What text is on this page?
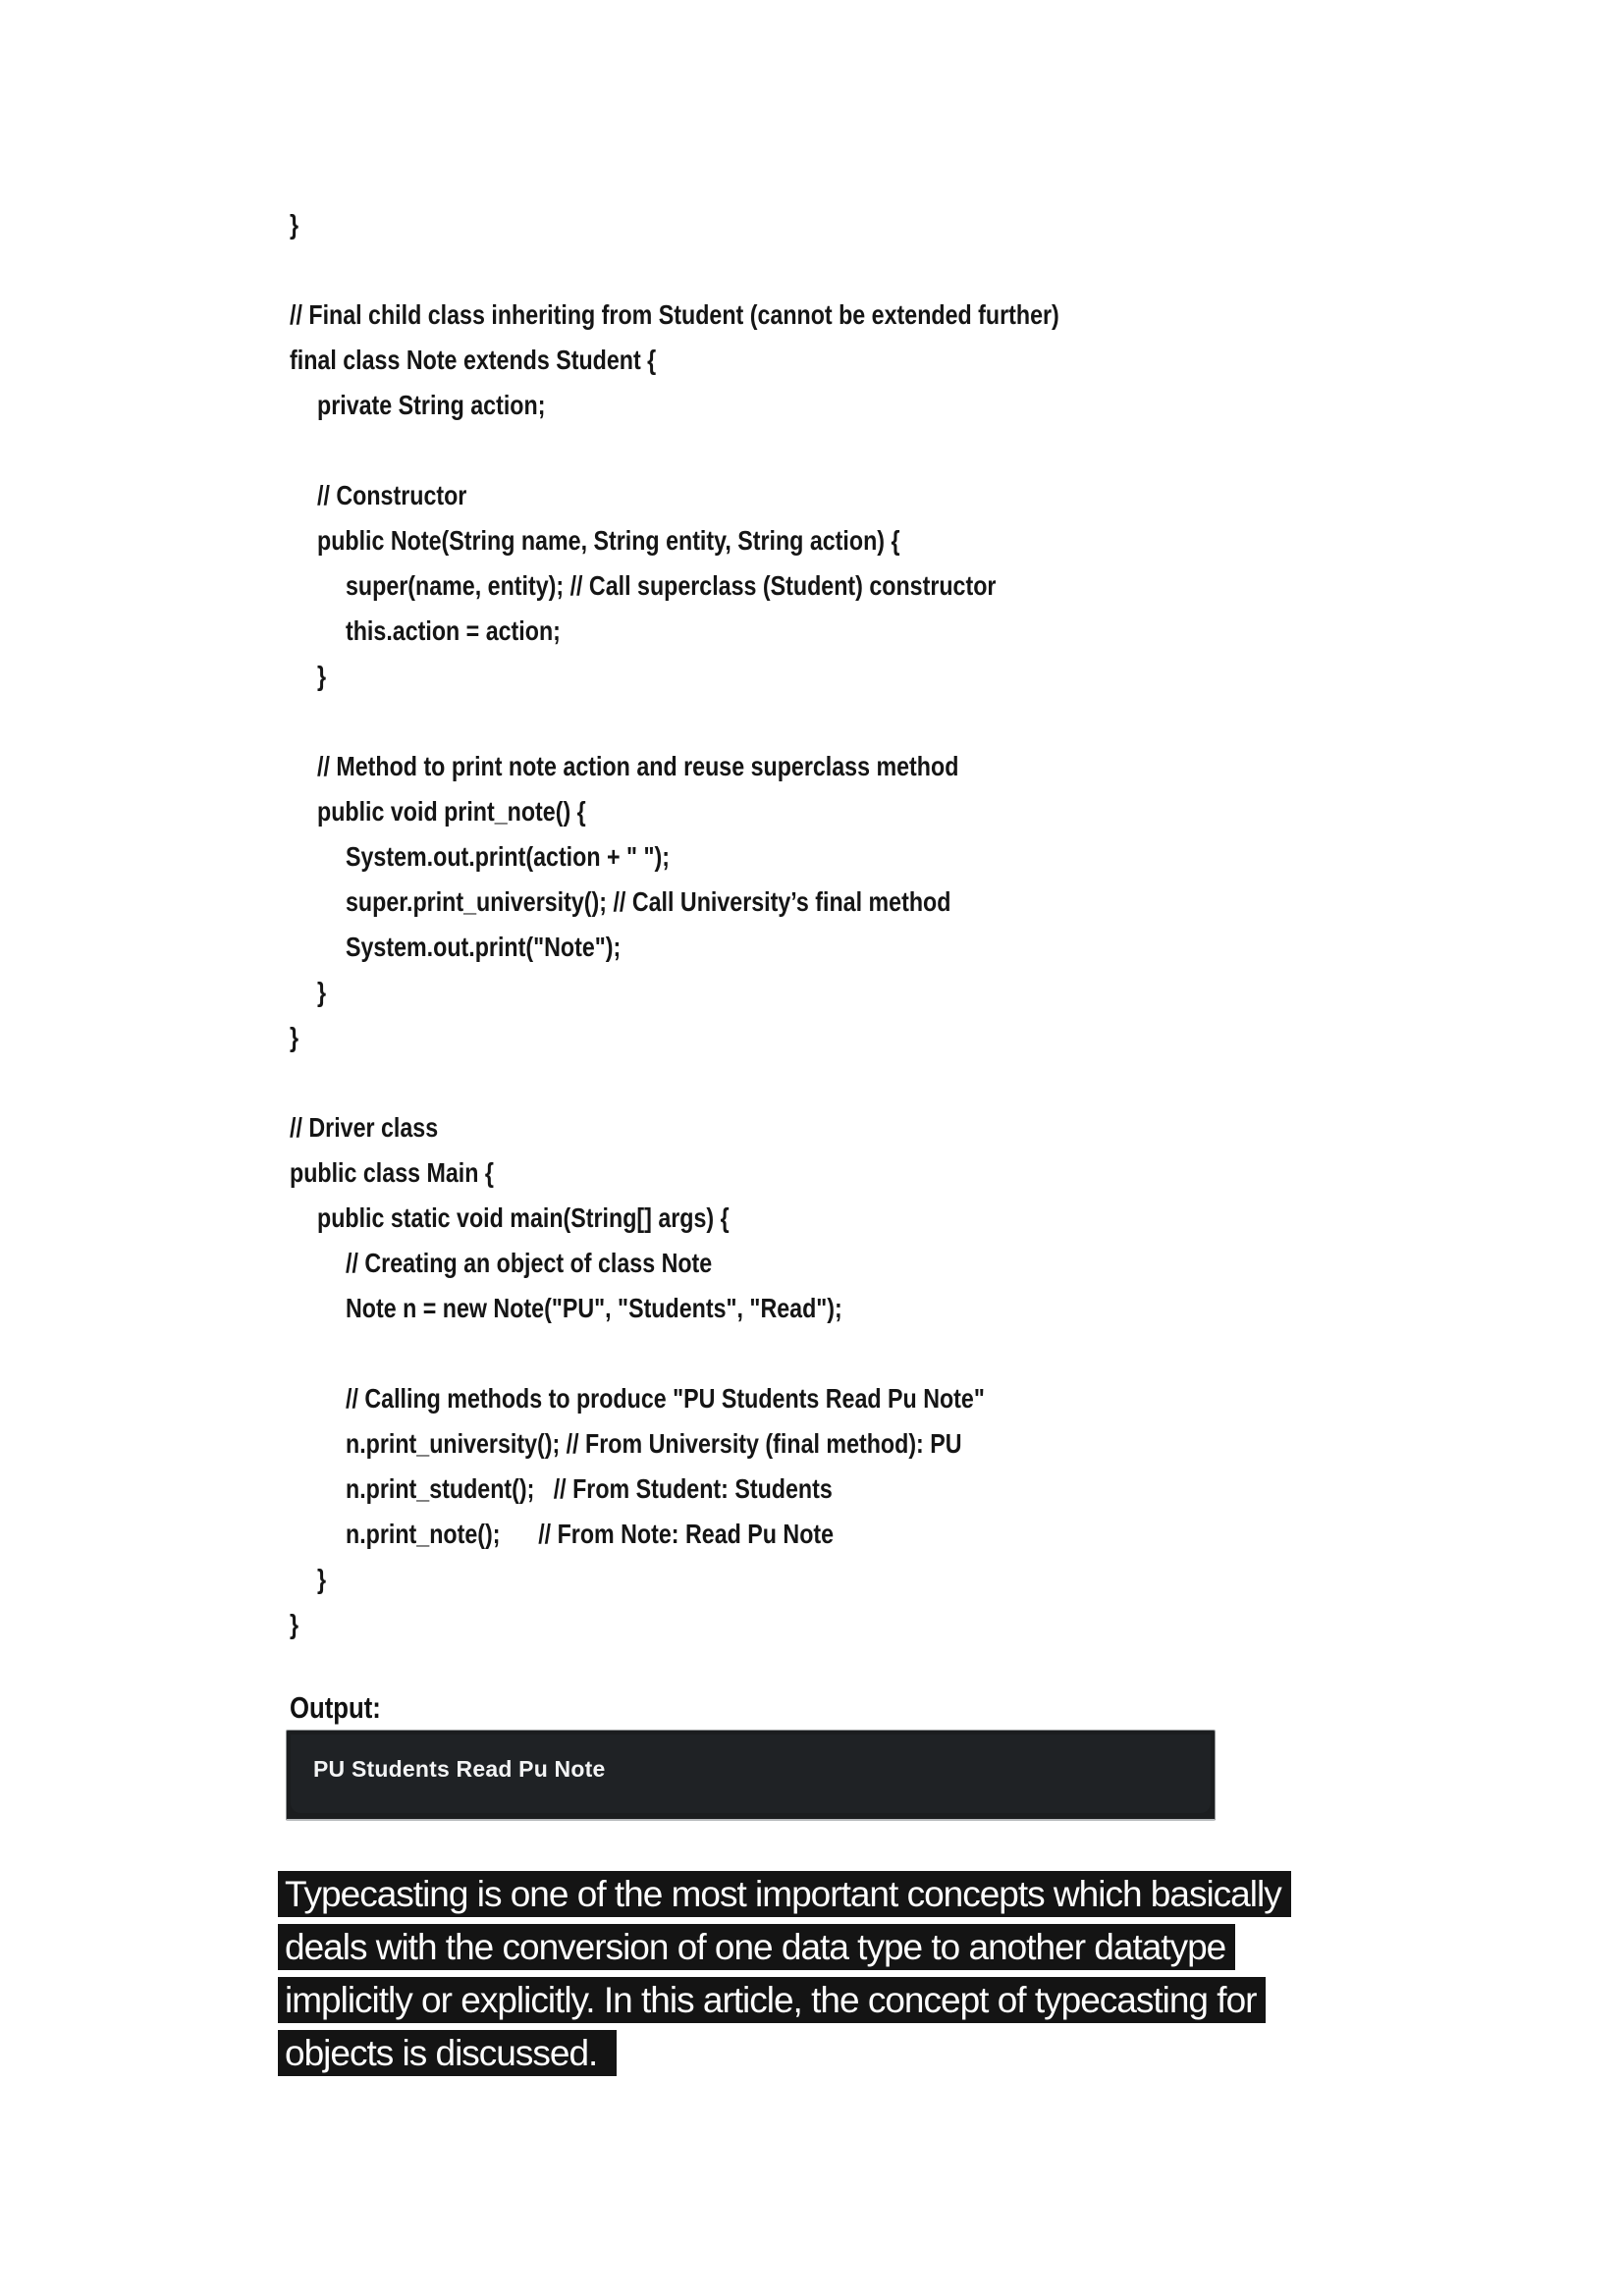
}
// Final child class inheriting from Student (cannot be extended further)
final class Note extends Student {
private String action;
// Constructor
public Note(String name, String entity, String action) {
super(name, entity); // Call superclass (Student) constructor
this.action = action;
}
// Method to print note action and reuse superclass method
public void print_note() {
System.out.print(action + " ");
super.print_university(); // Call University’s final method
System.out.print("Note");
}
}
// Driver class
public class Main {
public static void main(String[] args) {
// Creating an object of class Note
Note n = new Note("PU", "Students", "Read");
// Calling methods to produce "PU Students Read Pu Note"
n.print_university(); // From University (final method): PU
n.print_student();   // From Student: Students
n.print_note();      // From Note: Read Pu Note
}
}
Output:
PU Students Read Pu Note
Typecasting is one of the most important concepts which basically
deals with the conversion of one data type to another datatype
implicitly or explicitly. In this article, the concept of typecasting for
objects is discussed.
